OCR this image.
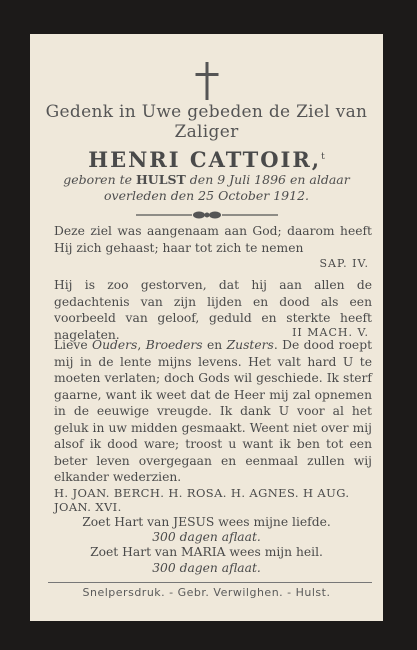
Gedenk in Uwe gebeden de Ziel van
Zaliger
HENRI CATTOIR,$^t$
geboren te HULST den 9 Juli 1896 en aldaar
overleden den 25 October 1912.
Deze ziel was aangenaam aan God; daarom heeft Hij zich gehaast; haar tot zich te nemen
SAP. IV.
Hij is zoo gestorven, dat hij aan allen de gedachtenis van zijn lijden en dood als een voorbeeld van geloof, geduld en sterkte heeft nagelaten.	II MACH. V.
Lieve Ouders, Broeders en Zusters. De dood roept mij in de lente mijns levens. Het valt hard U te moeten verlaten; doch Gods wil geschiede. Ik sterf gaarne, want ik weet dat de Heer mij zal opnemen in de eeuwige vreugde. Ik dank U voor al het geluk in uw midden gesmaakt. Weent niet over mij alsof ik dood ware; troost u want ik ben tot een beter leven overgegaan en eenmaal zullen wij elkander wederzien.
H. JOAN. BERCH. H. ROSA. H. AGNES. H AUG.
JOAN. XVI.
Zoet Hart van JESUS wees mijne liefde.
300 dagen aflaat.
Zoet Hart van MARIA wees mijn heil.
300 dagen aflaat.
Snelpersdruk. - Gebr. Verwilghen. - Hulst.
